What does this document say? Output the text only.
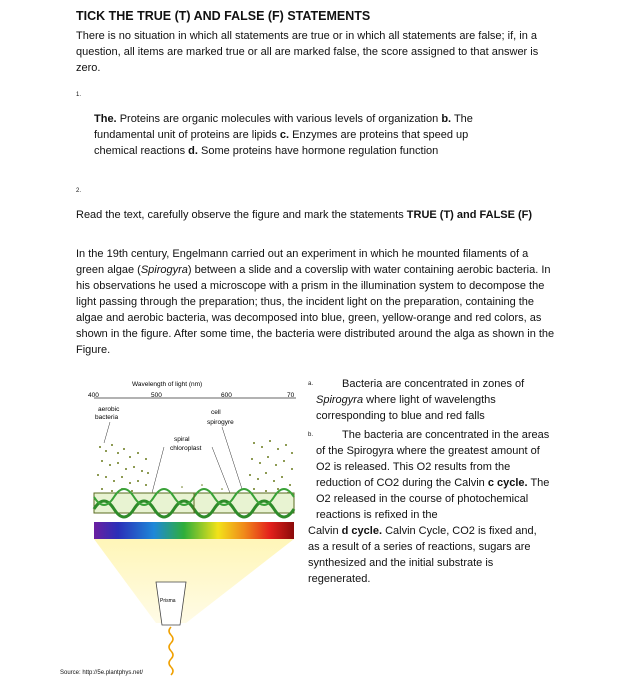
TICK THE TRUE (T) AND FALSE (F) STATEMENTS
There is no situation in which all statements are true or in which all statements are false; if, in a question, all items are marked true or all are marked false, the score assigned to that answer is zero.
1.
The. Proteins are organic molecules with various levels of organization b. The fundamental unit of proteins are lipids c. Enzymes are proteins that speed up chemical reactions d. Some proteins have hormone regulation function
2.
Read the text, carefully observe the figure and mark the statements TRUE (T) and FALSE (F)
In the 19th century, Engelmann carried out an experiment in which he mounted filaments of a green algae (Spirogyra) between a slide and a coverslip with water containing aerobic bacteria. In his observations he used a microscope with a prism in the illumination system to decompose the light passing through the preparation; thus, the incident light on the preparation, containing the algae and aerobic bacteria, was decomposed into blue, green, yellow-orange and red colors, as shown in the figure. After some time, the bacteria were distributed around the alga as shown in the Figure.
Wavelength of light (nm)
400	500	600	70
aerobic
bacteria
cell
spirogyre
spiral
chloroplast
Prisma
Source: http://5e.plantphys.net/
a.	Bacteria are concentrated in zones of Spirogyra where light of wavelengths corresponding to blue and red falls
b.	The bacteria are concentrated in the areas of the Spirogyra where the greatest amount of O2 is released. This O2 results from the reduction of CO2 during the Calvin c cycle. The O2 released in the course of photochemical reactions is refixed in the
Calvin d cycle. Calvin Cycle, CO2 is fixed and, as a result of a series of reactions, sugars are synthesized and the initial substrate is regenerated.
